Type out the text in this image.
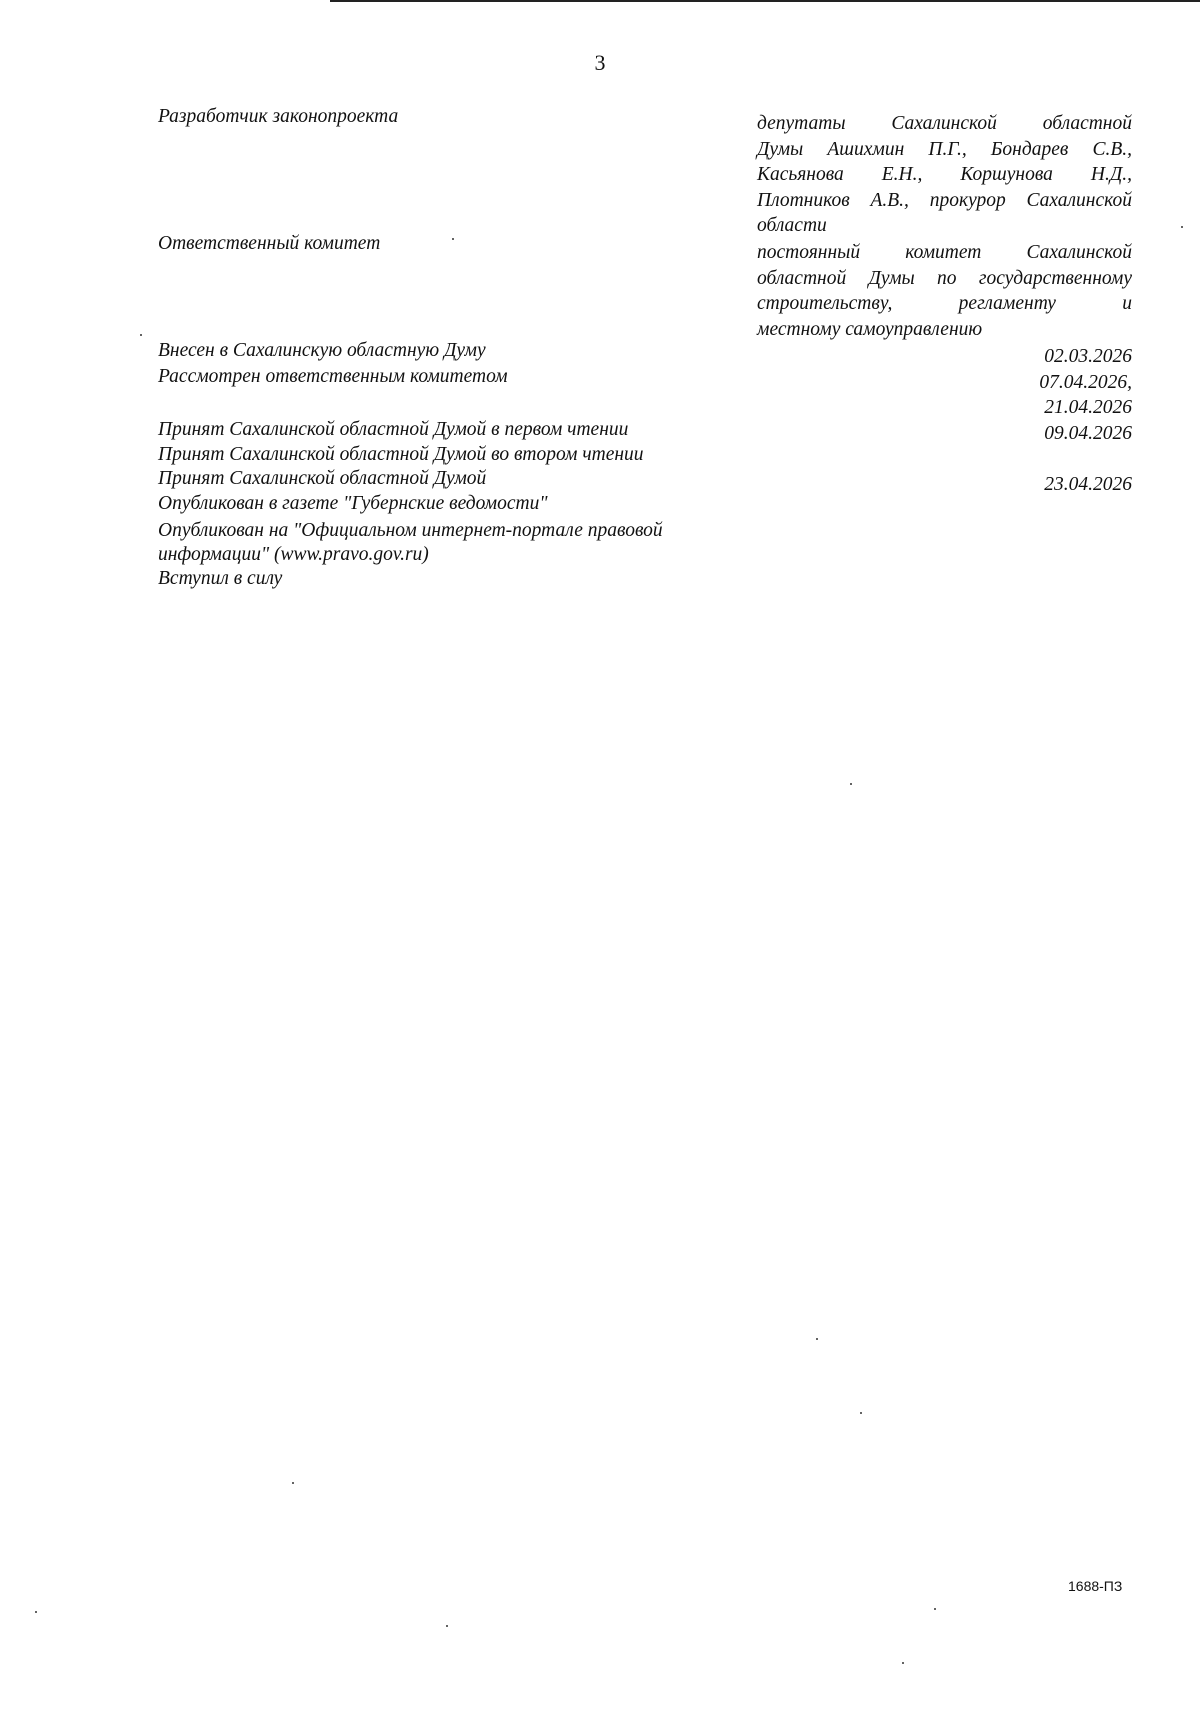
3
Разработчик законопроекта	депутаты Сахалинской областной
Думы Ашихмин П.Г., Бондарев С.В.,
Касьянова Е.Н., Коршунова Н.Д.,
Плотников А.В., прокурор Сахалинской
области
Ответственный комитет	постоянный комитет Сахалинской
областной Думы по государственному
строительству, регламенту и
местному самоуправлению
Внесен в Сахалинскую областную Думу	02.03.2026
Рассмотрен ответственным комитетом	07.04.2026,
21.04.2026
Принят Сахалинской областной Думой в первом чтении	09.04.2026
Принят Сахалинской областной Думой во втором чтении
Принят Сахалинской областной Думой	23.04.2026
Опубликован в газете "Губернские ведомости"
Опубликован на "Официальном интернет-портале правовой
информации" (www.pravo.gov.ru)
Вступил в силу
1688-ПЗ
